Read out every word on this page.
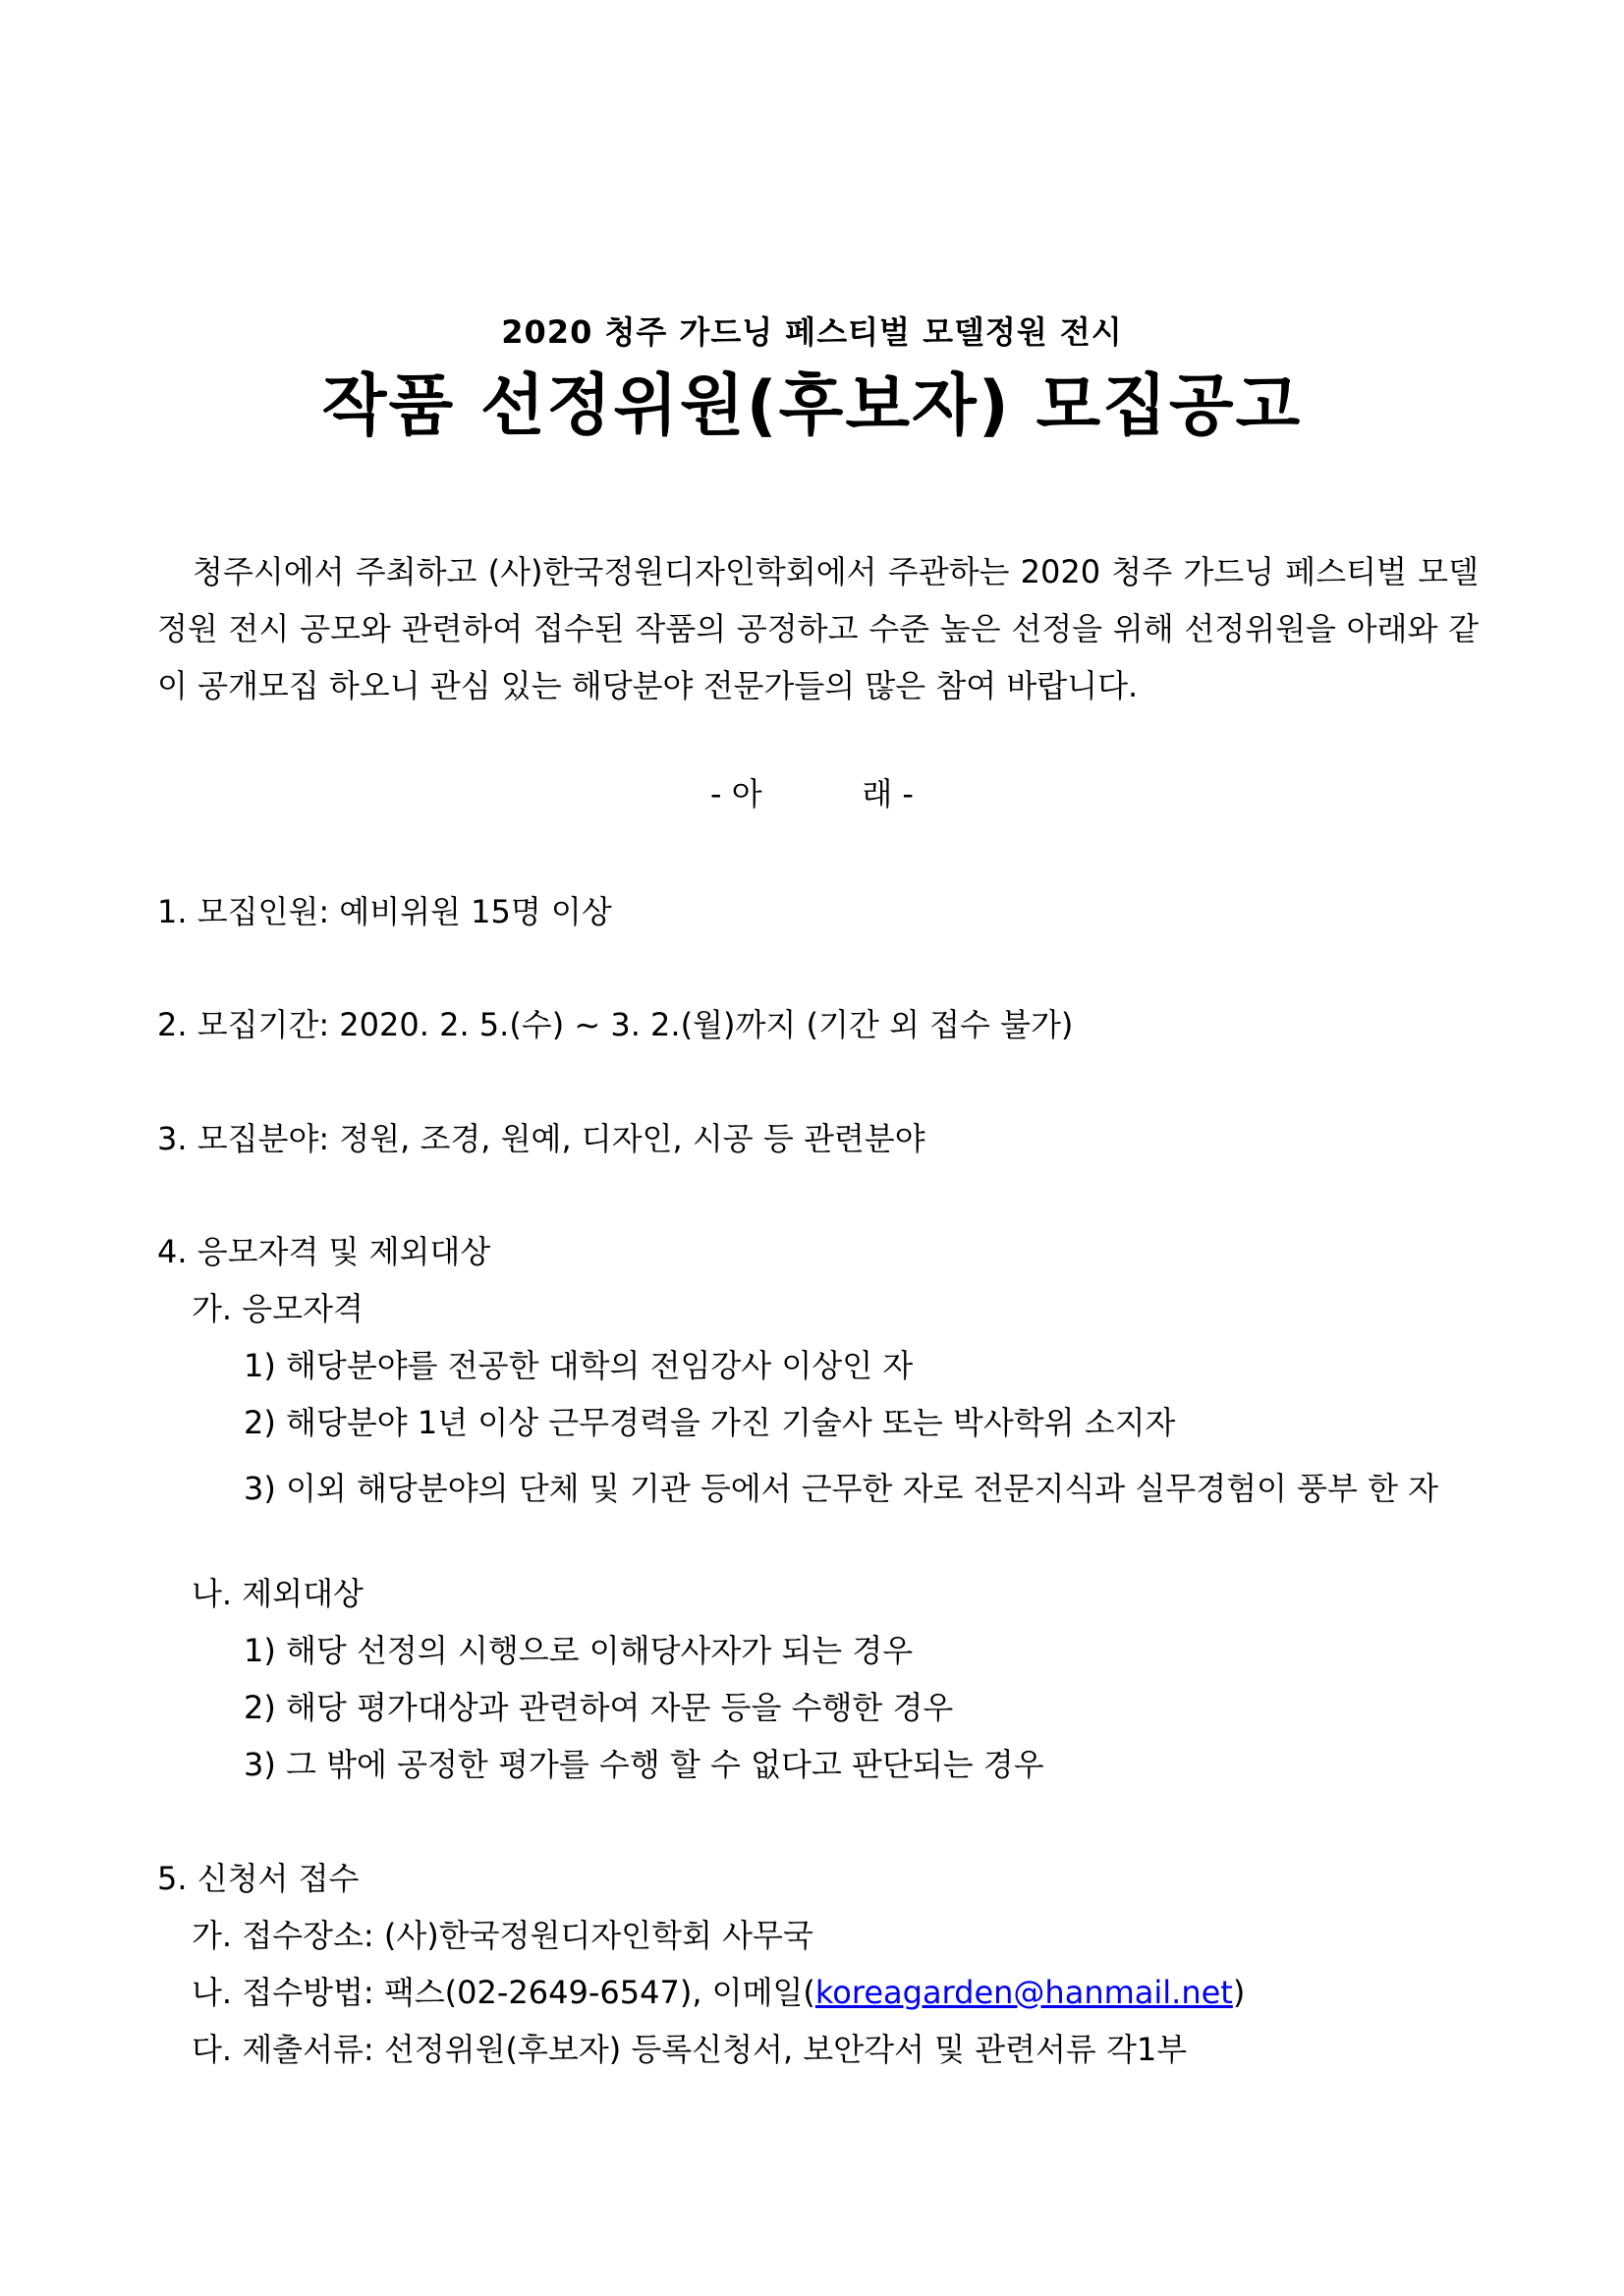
2020 청주 가드닝 페스티벌 모델정원 전시
작품 선정위원(후보자) 모집공고
청주시에서 주최하고 (사)한국정원디자인학회에서 주관하는 2020 청주 가드닝 페스티벌 모델정원 전시 공모와 관련하여 접수된 작품의 공정하고 수준 높은 선정을 위해 선정위원을 아래와 같이 공개모집 하오니 관심 있는 해당분야 전문가들의 많은 참여 바랍니다.
- 아          래 -
1. 모집인원: 예비위원 15명 이상
2. 모집기간: 2020. 2. 5.(수) ~ 3. 2.(월)까지 (기간 외 접수 불가)
3. 모집분야: 정원, 조경, 원예, 디자인, 시공 등 관련분야
4. 응모자격 및 제외대상
가. 응모자격
1) 해당분야를 전공한 대학의 전임강사 이상인 자
2) 해당분야 1년 이상 근무경력을 가진 기술사 또는 박사학위 소지자
3) 이외 해당분야의 단체 및 기관 등에서 근무한 자로 전문지식과 실무경험이 풍부 한 자
나. 제외대상
1) 해당 선정의 시행으로 이해당사자가 되는 경우
2) 해당 평가대상과 관련하여 자문 등을 수행한 경우
3) 그 밖에 공정한 평가를 수행 할 수 없다고 판단되는 경우
5. 신청서 접수
가. 접수장소: (사)한국정원디자인학회 사무국
나. 접수방법: 팩스(02-2649-6547), 이메일(koreagarden@hanmail.net)
다. 제출서류: 선정위원(후보자) 등록신청서, 보안각서 및 관련서류 각1부
